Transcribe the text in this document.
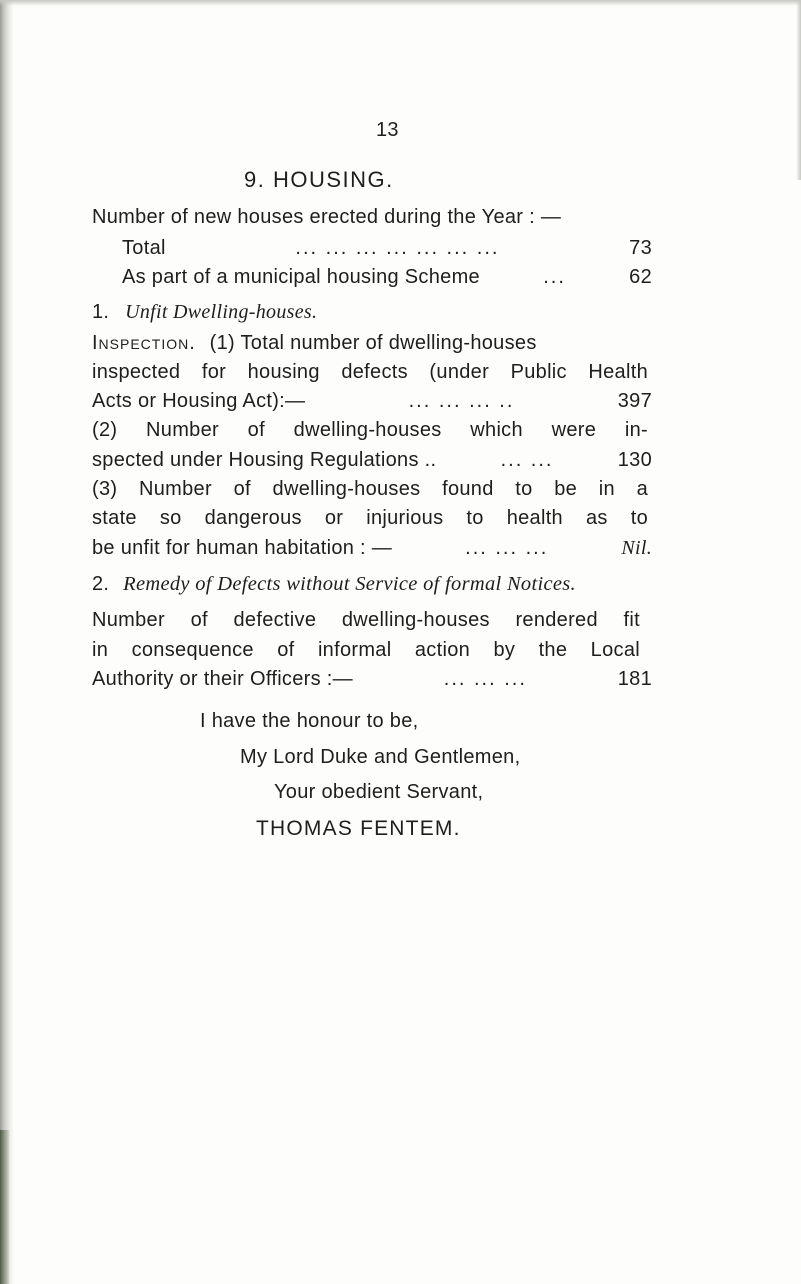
13
9. HOUSING.
Number of new houses erected during the Year : —
Total	... ... ... ... ... ... ...	73
As part of a municipal housing Scheme	...	62
1. Unfit Dwelling-houses.
Inspection. (1) Total number of dwelling-houses
inspected for housing defects (under Public Health
Acts or Housing Act):—	... ... ... ..	397
(2) Number of dwelling-houses which were in-
spected under Housing Regulations ..	... ...	130
(3) Number of dwelling-houses found to be in a
state so dangerous or injurious to health as to
be unfit for human habitation : —	... ... ...	Nil.
2. Remedy of Defects without Service of formal Notices.
Number of defective dwelling-houses rendered fit
in consequence of informal action by the Local
Authority or their Officers :—	... ... ...	181
I have the honour to be,
My Lord Duke and Gentlemen,
Your obedient Servant,
THOMAS FENTEM.
